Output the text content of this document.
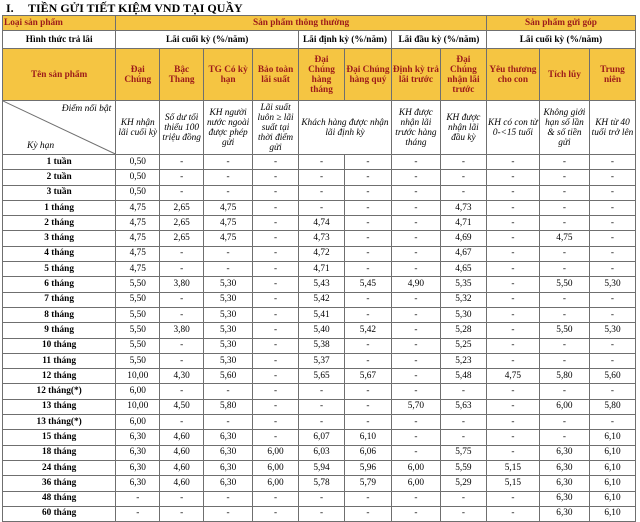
I. TIỀN GỬI TIẾT KIỆM VND TẠI QUẦY
Loại sản phẩm	Sản phẩm thông thường								Sản phẩm gửi góp		
Hình thức trả lãi	Lãi cuối kỳ (%/năm)				Lãi định kỳ (%/năm)		Lãi đầu kỳ (%/năm)		Lãi cuối kỳ (%/năm)		
Tên sản phẩm	Đại Chúng	Bậc Thang	TG Có kỳ hạn	Bảo toàn lãi suất	Đại Chúng hàng tháng	Đại Chúng hàng quý	Định kỳ trả lãi trước	Đại Chúng nhận lãi trước	Yêu thương cho con	Tích lũy	Trung niên

Điểm nổi bật
Kỳ hạn	KH nhận lãi cuối kỳ	Số dư tối thiểu 100 triệu đồng	KH người nước ngoài được phép gửi	Lãi suất luôn ≥ lãi suất tại thời điểm gửi	Khách hàng được nhận lãi định kỳ		KH được nhận lãi trước hàng tháng	KH được nhận lãi đầu kỳ	KH có con từ 0-<15 tuổi	Không giới hạn số lần & số tiền gửi	KH từ 40 tuổi trở lên
1 tuần	0,50	-	-	-	-	-	-	-	-	-	-
2 tuần	0,50	-	-	-	-	-	-	-	-	-	-
3 tuần	0,50	-	-	-	-	-	-	-	-	-	-
1 tháng	4,75	2,65	4,75	-	-	-	-	4,73	-	-	-
2 tháng	4,75	2,65	4,75	-	4,74	-	-	4,71	-	-	-
3 tháng	4,75	2,65	4,75	-	4,73	-	-	4,69	-	4,75	-
4 tháng	4,75	-	-	-	4,72	-	-	4,67	-	-	-
5 tháng	4,75	-	-	-	4,71	-	-	4,65	-	-	-
6 tháng	5,50	3,80	5,30	-	5,43	5,45	4,90	5,35	-	5,50	5,30
7 tháng	5,50	-	5,30	-	5,42	-	-	5,32	-	-	-
8 tháng	5,50	-	5,30	-	5,41	-	-	5,30	-	-	-
9 tháng	5,50	3,80	5,30	-	5,40	5,42	-	5,28	-	5,50	5,30
10 tháng	5,50	-	5,30	-	5,38	-	-	5,25	-	-	-
11 tháng	5,50	-	5,30	-	5,37	-	-	5,23	-	-	-
12 tháng	10,00	4,30	5,60	-	5,65	5,67	-	5,48	4,75	5,80	5,60
12 tháng(*)	6,00	-	-	-	-	-	-	-	-	-	-
13 tháng	10,00	4,50	5,80	-	-	-	5,70	5,63	-	6,00	5,80
13 tháng(*)	6,00	-	-	-	-	-	-	-	-	-	-
15 tháng	6,30	4,60	6,30	-	6,07	6,10	-	-	-	-	6,10
18 tháng	6,30	4,60	6,30	6,00	6,03	6,06	-	5,75	-	6,30	6,10
24 tháng	6,30	4,60	6,30	6,00	5,94	5,96	6,00	5,59	5,15	6,30	6,10
36 tháng	6,30	4,60	6,30	6,00	5,78	5,79	6,00	5,29	5,15	6,30	6,10
48 tháng	-	-	-	-	-	-	-	-	-	6,30	6,10
60 tháng	-	-	-	-	-	-	-	-	-	6,30	6,10
